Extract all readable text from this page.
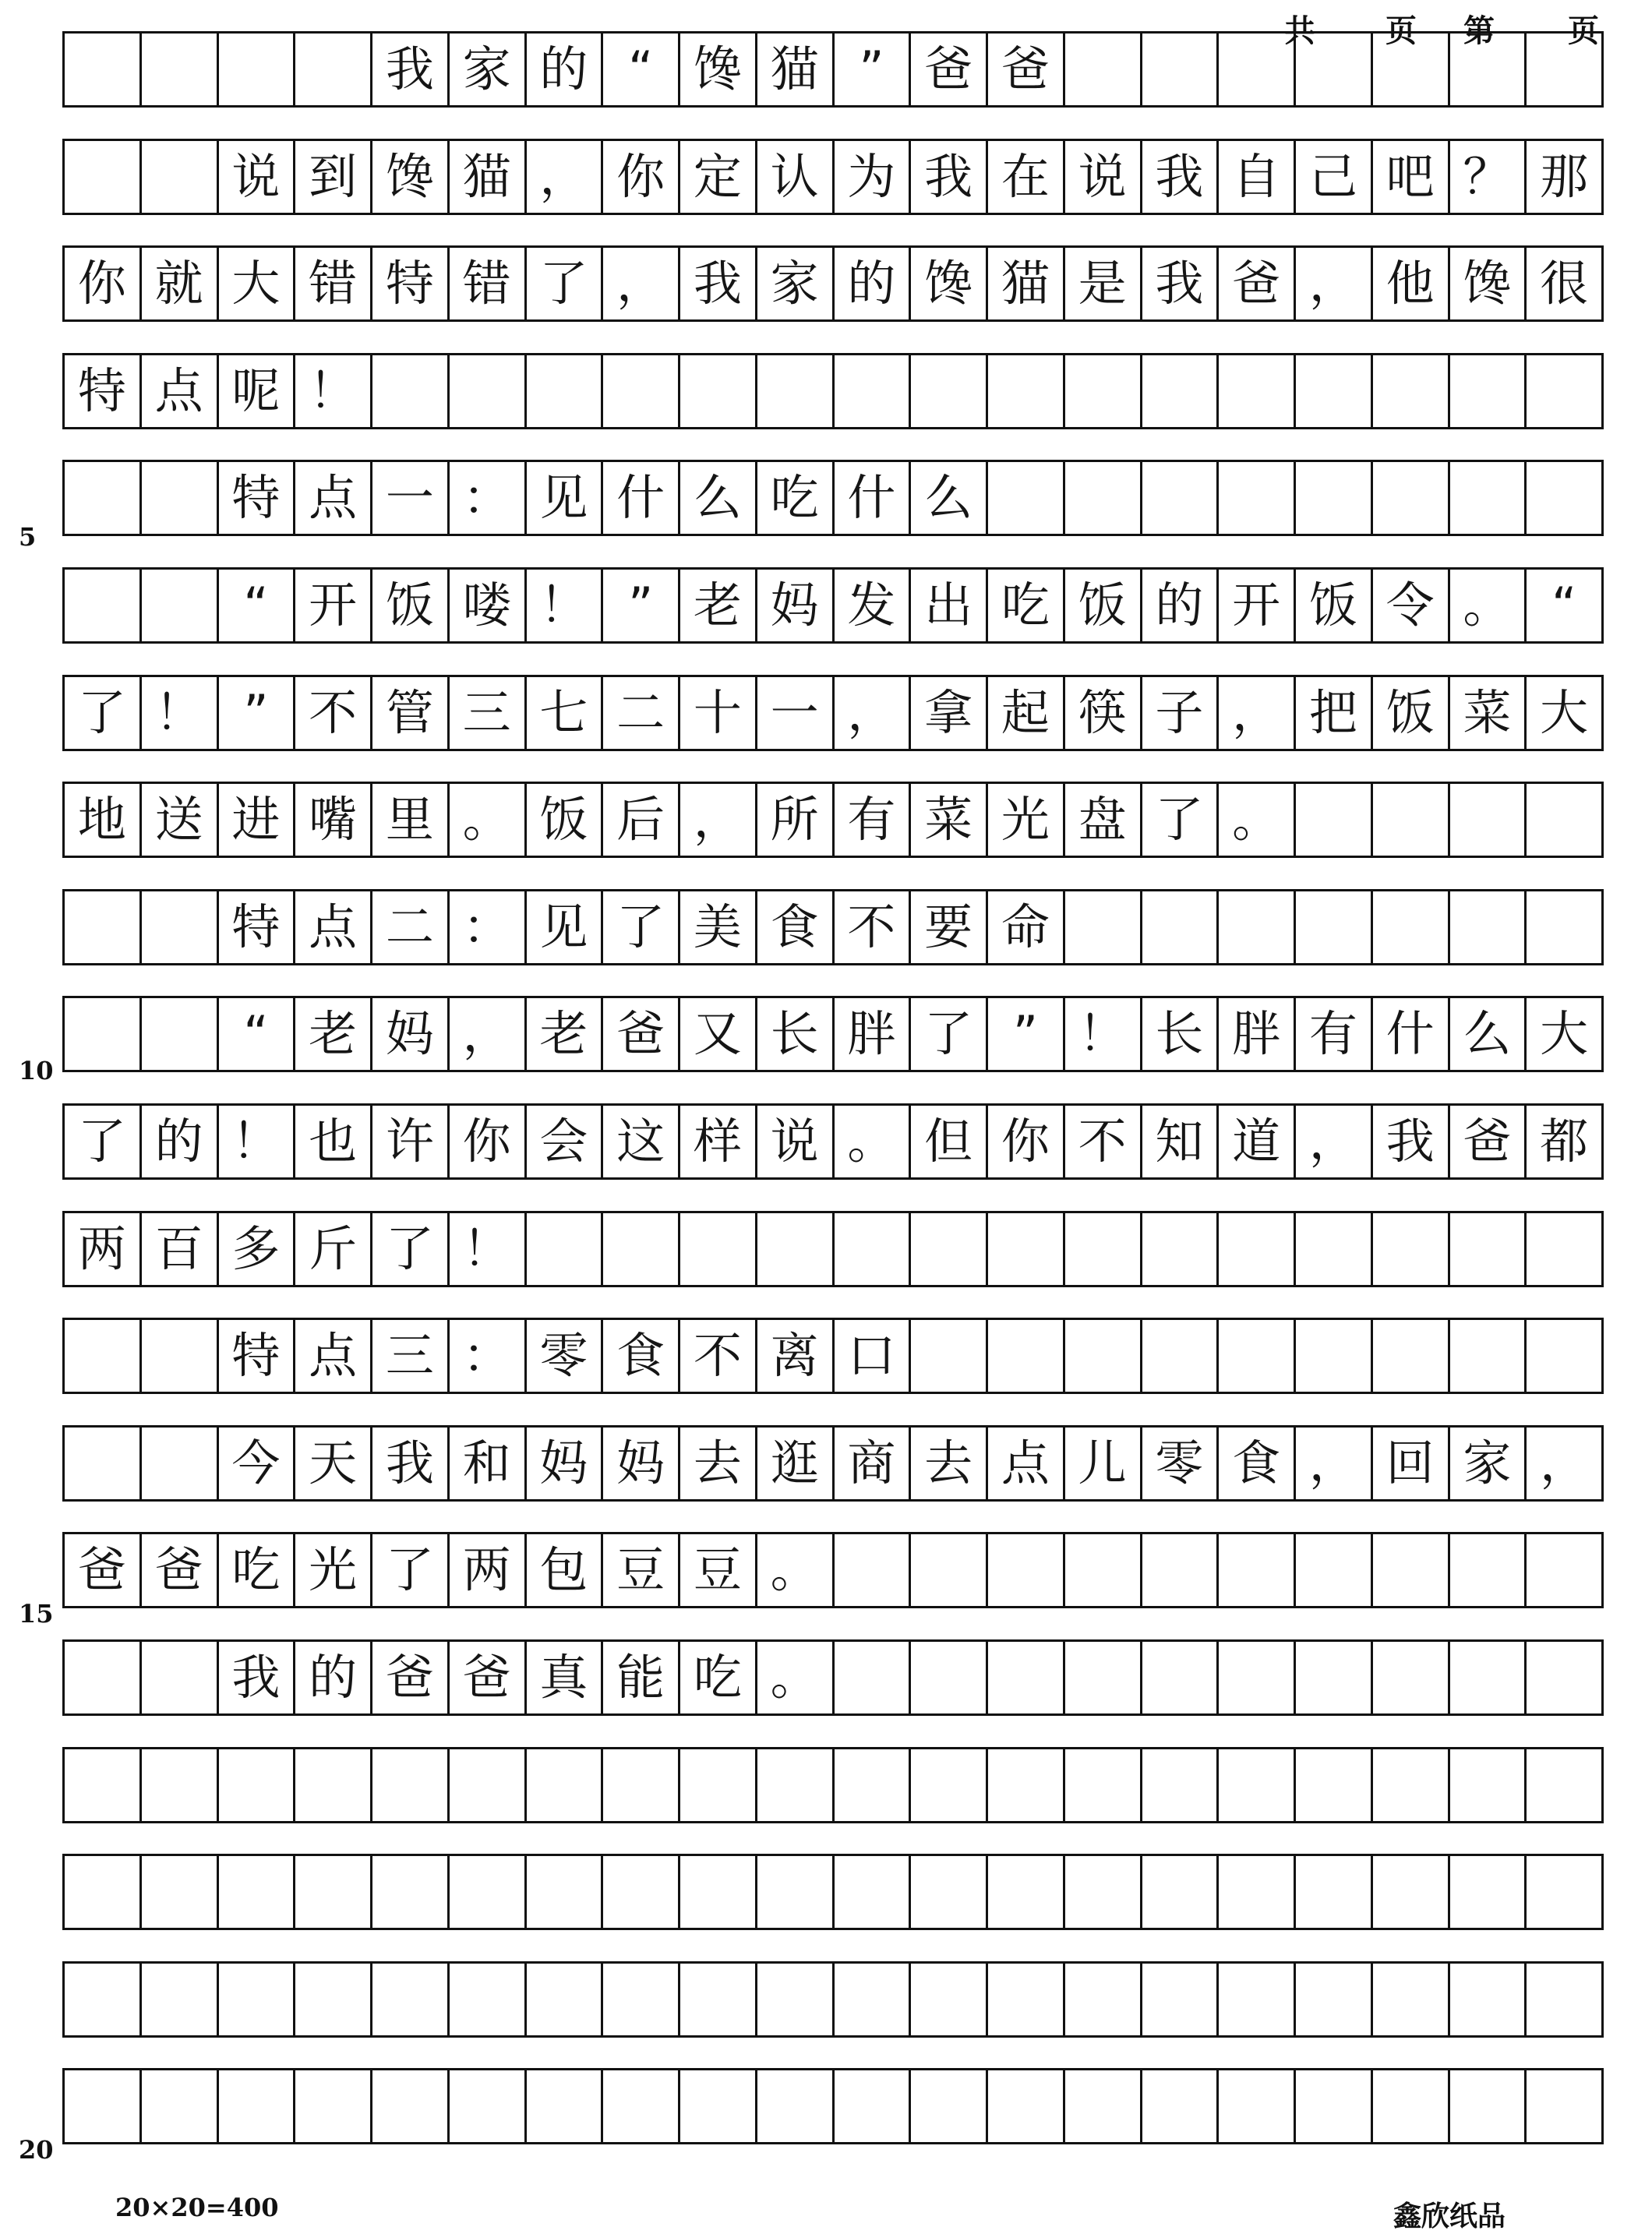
共 页 第 页
我 家 的 “ 馋 猫 ” 爸 爸
说 到 馋 猫 ， 你 定 认 为 我 在 说 我 自 己 吧 ？ 那
你 就 大 错 特 错 了 ， 我 家 的 馋 猫 是 我 爸 ， 他 馋 很
特 点 呢 ！
特 点 一 ： 见 什 么 吃 什 么
“ 开 饭 喽 ！ ” 老 妈 发 出 吃 饭 的 开 饭 令 。 “
了 ！ ” 不 管 三 七 二 十 一 ， 拿 起 筷 子 ， 把 饭 菜 大
地 送 进 嘴 里 。 饭 后 ， 所 有 菜 光 盘 了 。
特 点 二 ： 见 了 美 食 不 要 命
“ 老 妈 ， 老 爸 又 长 胖 了 ” ！ 长 胖 有 什 么 大
了 的 ！ 也 许 你 会 这 样 说 。 但 你 不 知 道 ， 我 爸 都
两 百 多 斤 了 ！
特 点 三 ： 零 食 不 离 口
今 天 我 和 妈 妈 去 逛 商 去 点 儿 零 食 ， 回 家 ，
爸 爸 吃 光 了 两 包 豆 豆 。
我 的 爸 爸 真 能 吃 。
5
10
15
20
20×20=400	鑫欣纸品
